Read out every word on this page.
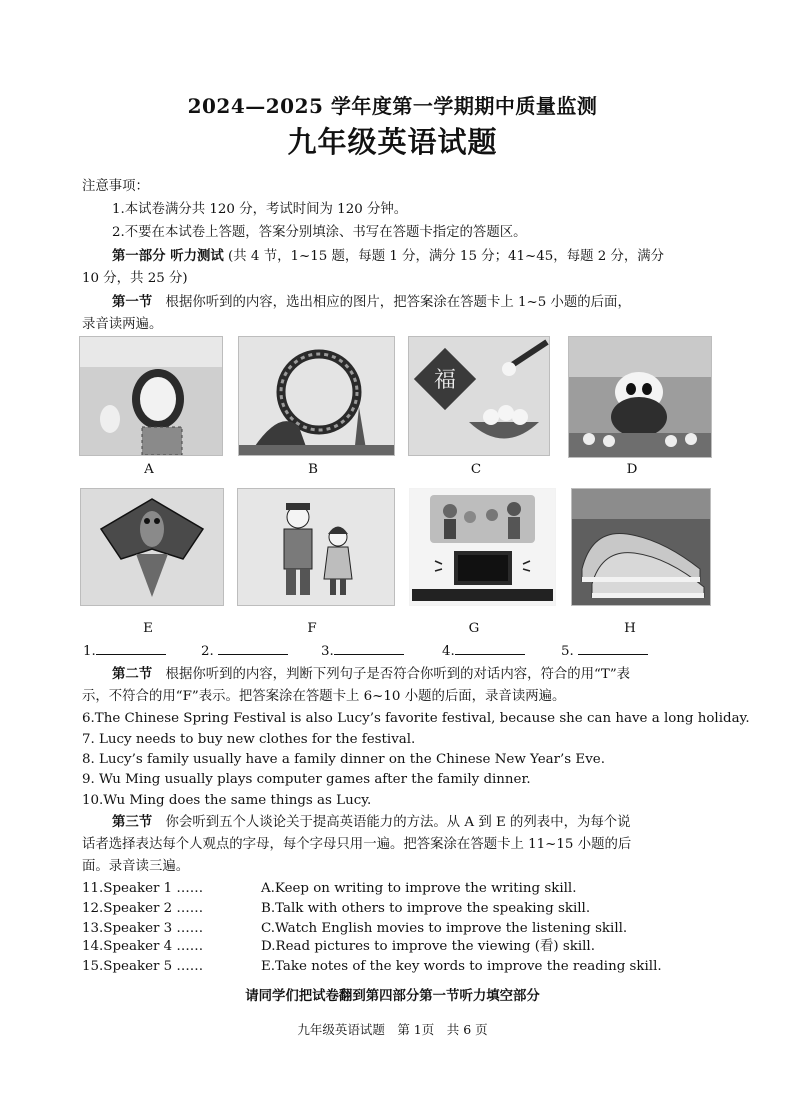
2024—2025 学年度第一学期期中质量监测
九年级英语试题
注意事项：
1.本试卷满分共 120 分，考试时间为 120 分钟。
2.不要在本试卷上答题，答案分别填涂、书写在答题卡指定的答题区。
第一部分 听力测试 (共 4 节，1~15 题，每题 1 分，满分 15 分；41~45，每题 2 分，满分
10 分，共 25 分)
第一节　根据你听到的内容，选出相应的图片，把答案涂在答题卡上 1~5 小题的后面，
录音读两遍。
福
A	B	C	D
E	F	G	H
1.	2.	3.	4.	5.
第二节　根据你听到的内容，判断下列句子是否符合你听到的对话内容，符合的用“T”表
示，不符合的用“F”表示。把答案涂在答题卡上 6~10 小题的后面，录音读两遍。
6.The Chinese Spring Festival is also Lucy’s favorite festival, because she can have a long holiday.
7. Lucy needs to buy new clothes for the festival.
8. Lucy’s family usually have a family dinner on the Chinese New Year’s Eve.
9. Wu Ming usually plays computer games after the family dinner.
10.Wu Ming does the same things as Lucy.
第三节　你会听到五个人谈论关于提高英语能力的方法。从 A 到 E 的列表中，为每个说
话者选择表达每个人观点的字母，每个字母只用一遍。把答案涂在答题卡上 11~15 小题的后
面。录音读三遍。
11.Speaker 1 ……	A.Keep on writing to improve the writing skill.
12.Speaker 2 ……	B.Talk with others to improve the speaking skill.
13.Speaker 3 ……	C.Watch English movies to improve the listening skill.
14.Speaker 4 ……	D.Read pictures to improve the viewing (看) skill.
15.Speaker 5 ……	E.Take notes of the key words to improve the reading skill.
请同学们把试卷翻到第四部分第一节听力填空部分
九年级英语试题　第 1页　共 6 页
